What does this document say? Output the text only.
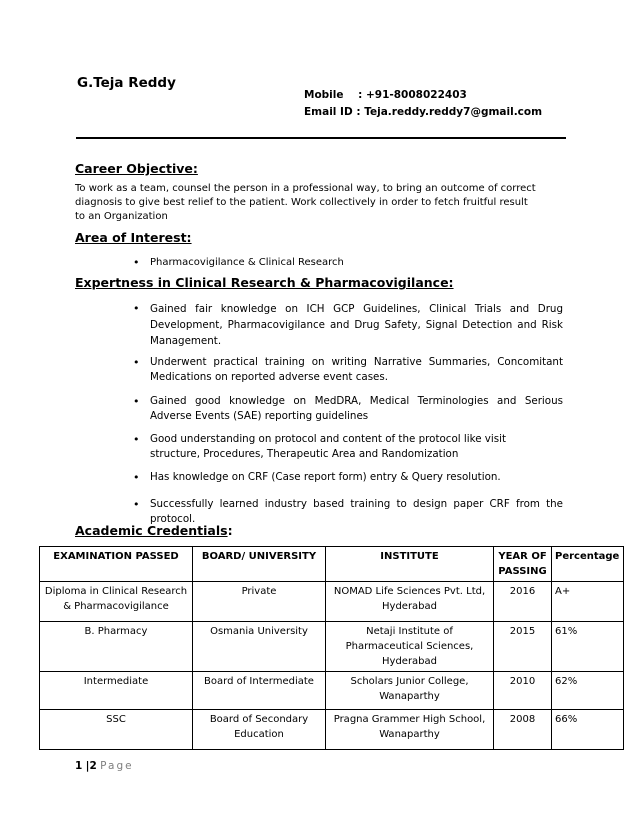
G.Teja Reddy
Mobile    : +91-8008022403
Email ID : Teja.reddy.reddy7@gmail.com
Career Objective:
To work as a team, counsel the person in a professional way, to bring an outcome of correct
diagnosis to give best relief to the patient. Work collectively in order to fetch fruitful result
to an Organization
Area of Interest:
• Pharmacovigilance & Clinical Research
Expertness in Clinical Research & Pharmacovigilance:
• Gained fair knowledge on ICH GCP Guidelines, Clinical Trials and Drug Development, Pharmacovigilance and Drug Safety, Signal Detection and Risk Management.
• Underwent practical training on writing Narrative Summaries, Concomitant Medications on reported adverse event cases.
• Gained good knowledge on MedDRA, Medical Terminologies and Serious Adverse Events (SAE) reporting guidelines
• Good understanding on protocol and content of the protocol like visit structure, Procedures, Therapeutic Area and Randomization
• Has knowledge on CRF (Case report form) entry & Query resolution.
• Successfully learned industry based training to design paper CRF from the protocol.
Academic Credentials:
EXAMINATION PASSED	BOARD/ UNIVERSITY	INSTITUTE	YEAR OF PASSING	Percentage
Diploma in Clinical Research & Pharmacovigilance	Private	NOMAD Life Sciences Pvt. Ltd, Hyderabad	2016	A+
B. Pharmacy	Osmania University	Netaji Institute of Pharmaceutical Sciences, Hyderabad	2015	61%
Intermediate	Board of Intermediate	Scholars Junior College, Wanaparthy	2010	62%
SSC	Board of Secondary Education	Pragna Grammer High School, Wanaparthy	2008	66%
1 |2 Page
